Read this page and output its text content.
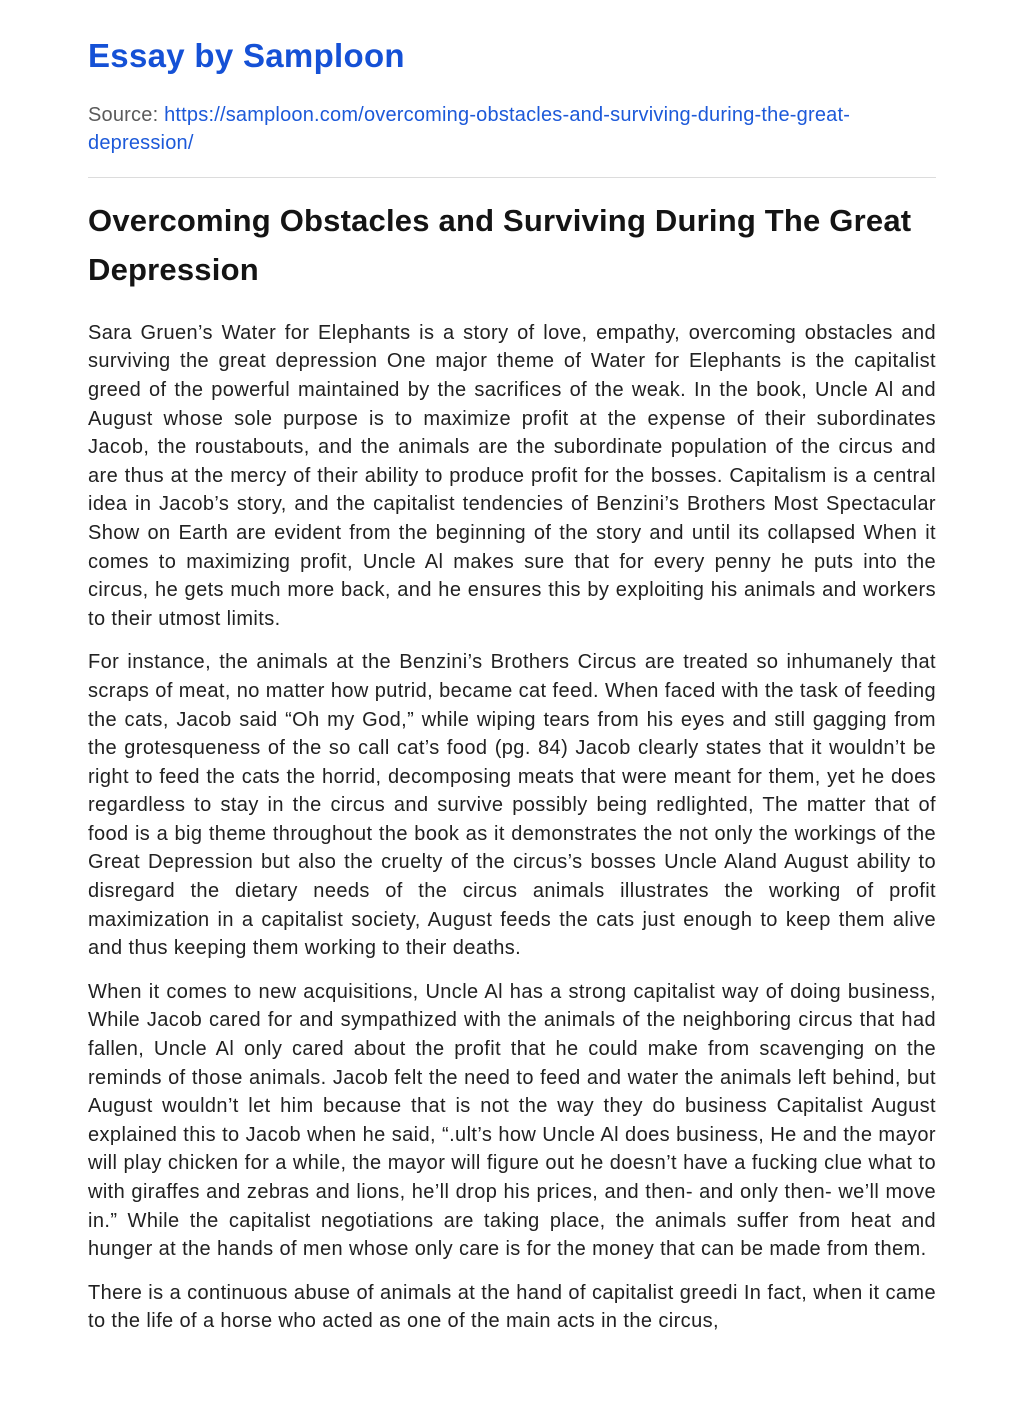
Essay by Samploon
Source: https://samploon.com/overcoming-obstacles-and-surviving-during-the-great-depression/
Overcoming Obstacles and Surviving During The Great Depression

Sara Gruen’s Water for Elephants is a story of love, empathy, overcoming obstacles and surviving the great depression One major theme of Water for Elephants is the capitalist greed of the powerful maintained by the sacrifices of the weak. In the book, Uncle Al and August whose sole purpose is to maximize profit at the expense of their subordinates Jacob, the roustabouts, and the animals are the subordinate population of the circus and are thus at the mercy of their ability to produce profit for the bosses. Capitalism is a central idea in Jacob’s story, and the capitalist tendencies of Benzini’s Brothers Most Spectacular Show on Earth are evident from the beginning of the story and until its collapsed When it comes to maximizing profit, Uncle Al makes sure that for every penny he puts into the circus, he gets much more back, and he ensures this by exploiting his animals and workers to their utmost limits.

For instance, the animals at the Benzini’s Brothers Circus are treated so inhumanely that scraps of meat, no matter how putrid, became cat feed. When faced with the task of feeding the cats, Jacob said “Oh my God,” while wiping tears from his eyes and still gagging from the grotesqueness of the so call cat’s food (pg. 84) Jacob clearly states that it wouldn’t be right to feed the cats the horrid, decomposing meats that were meant for them, yet he does regardless to stay in the circus and survive possibly being redlighted, The matter that of food is a big theme throughout the book as it demonstrates the not only the workings of the Great Depression but also the cruelty of the circus’s bosses Uncle Aland August ability to disregard the dietary needs of the circus animals illustrates the working of profit maximization in a capitalist society, August feeds the cats just enough to keep them alive and thus keeping them working to their deaths.

When it comes to new acquisitions, Uncle Al has a strong capitalist way of doing business, While Jacob cared for and sympathized with the animals of the neighboring circus that had fallen, Uncle Al only cared about the profit that he could make from scavenging on the reminds of those animals. Jacob felt the need to feed and water the animals left behind, but August wouldn’t let him because that is not the way they do business Capitalist August explained this to Jacob when he said, “.ult’s how Uncle Al does business, He and the mayor will play chicken for a while, the mayor will figure out he doesn’t have a fucking clue what to with giraffes and zebras and lions, he’ll drop his prices, and then- and only then- we’ll move in.” While the capitalist negotiations are taking place, the animals suffer from heat and hunger at the hands of men whose only care is for the money that can be made from them.

There is a continuous abuse of animals at the hand of capitalist greedi In fact, when it came to the life of a horse who acted as one of the main acts in the circus,
